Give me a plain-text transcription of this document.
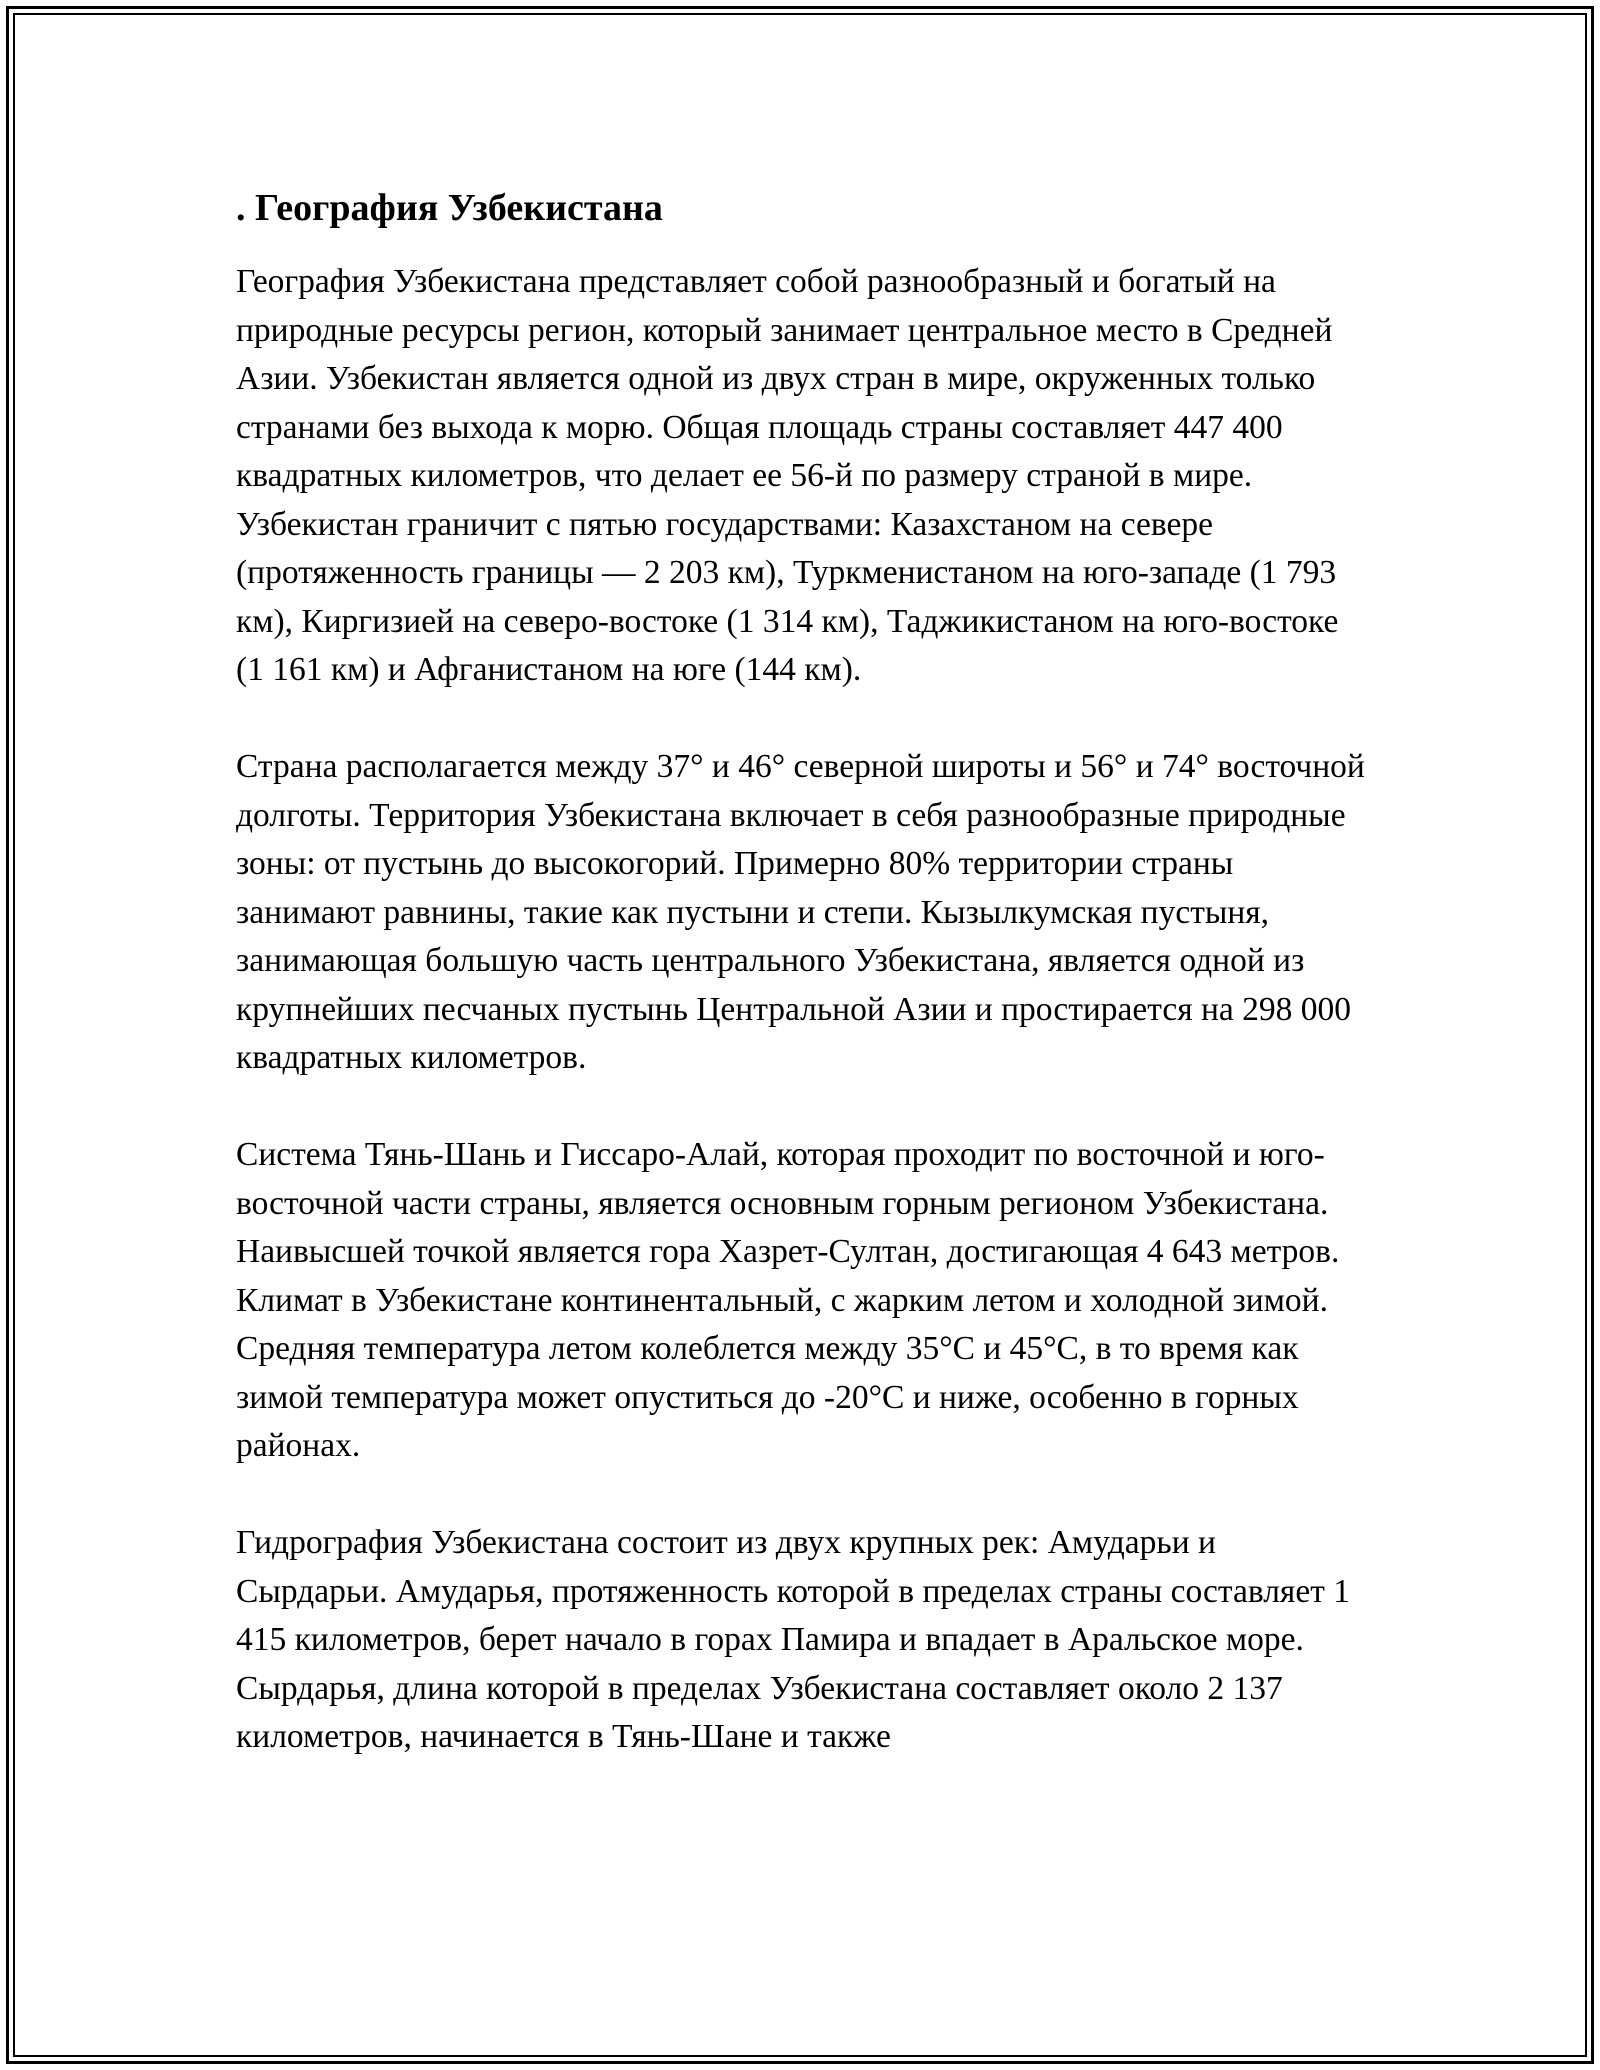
. География Узбекистана

География Узбекистана представляет собой разнообразный и богатый на природные ресурсы регион, который занимает центральное место в Средней Азии. Узбекистан является одной из двух стран в мире, окруженных только странами без выхода к морю. Общая площадь страны составляет 447 400 квадратных километров, что делает ее 56-й по размеру страной в мире. Узбекистан граничит с пятью государствами: Казахстаном на севере (протяженность границы — 2 203 км), Туркменистаном на юго-западе (1 793 км), Киргизией на северо-востоке (1 314 км), Таджикистаном на юго-востоке (1 161 км) и Афганистаном на юге (144 км).

Страна располагается между 37° и 46° северной широты и 56° и 74° восточной долготы. Территория Узбекистана включает в себя разнообразные природные зоны: от пустынь до высокогорий. Примерно 80% территории страны занимают равнины, такие как пустыни и степи. Кызылкумская пустыня, занимающая большую часть центрального Узбекистана, является одной из крупнейших песчаных пустынь Центральной Азии и простирается на 298 000 квадратных километров.

Система Тянь-Шань и Гиссаро-Алай, которая проходит по восточной и юго-восточной части страны, является основным горным регионом Узбекистана. Наивысшей точкой является гора Хазрет-Султан, достигающая 4 643 метров. Климат в Узбекистане континентальный, с жарким летом и холодной зимой. Средняя температура летом колеблется между 35°C и 45°C, в то время как зимой температура может опуститься до -20°C и ниже, особенно в горных районах.

Гидрография Узбекистана состоит из двух крупных рек: Амударьи и Сырдарьи. Амударья, протяженность которой в пределах страны составляет 1 415 километров, берет начало в горах Памира и впадает в Аральское море. Сырдарья, длина которой в пределах Узбекистана составляет около 2 137 километров, начинается в Тянь-Шане и также
